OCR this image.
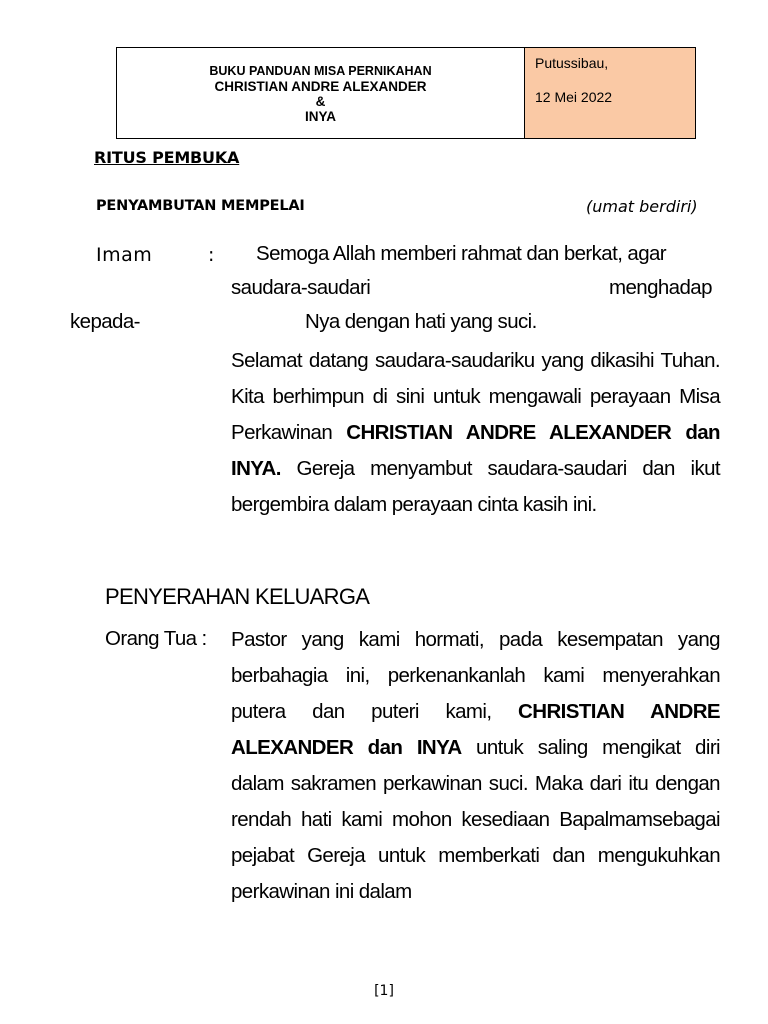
BUKU PANDUAN MISA PERNIKAHAN
CHRISTIAN ANDRE ALEXANDER
&
INYA
Putussibau,
12 Mei 2022
RITUS PEMBUKA
PENYAMBUTAN MEMPELAI	(umat berdiri)
Imam	: Semoga Allah memberi rahmat dan berkat, agar
saudara-saudari	menghadap
kepada-	Nya dengan hati yang suci.
Selamat datang saudara-saudariku yang dikasihi Tuhan. Kita berhimpun di sini untuk mengawali perayaan Misa Perkawinan CHRISTIAN ANDRE ALEXANDER dan INYA. Gereja menyambut saudara-saudari dan ikut bergembira dalam perayaan cinta kasih ini.
PENYERAHAN KELUARGA
Orang Tua : Pastor yang kami hormati, pada kesempatan yang berbahagia ini, perkenankanlah kami menyerahkan putera dan puteri kami, CHRISTIAN ANDRE ALEXANDER dan INYA untuk saling mengikat diri dalam sakramen perkawinan suci. Maka dari itu dengan rendah hati kami mohon kesediaan Bapalmamsebagai pejabat Gereja untuk memberkati dan mengukuhkan perkawinan ini dalam
[1]
